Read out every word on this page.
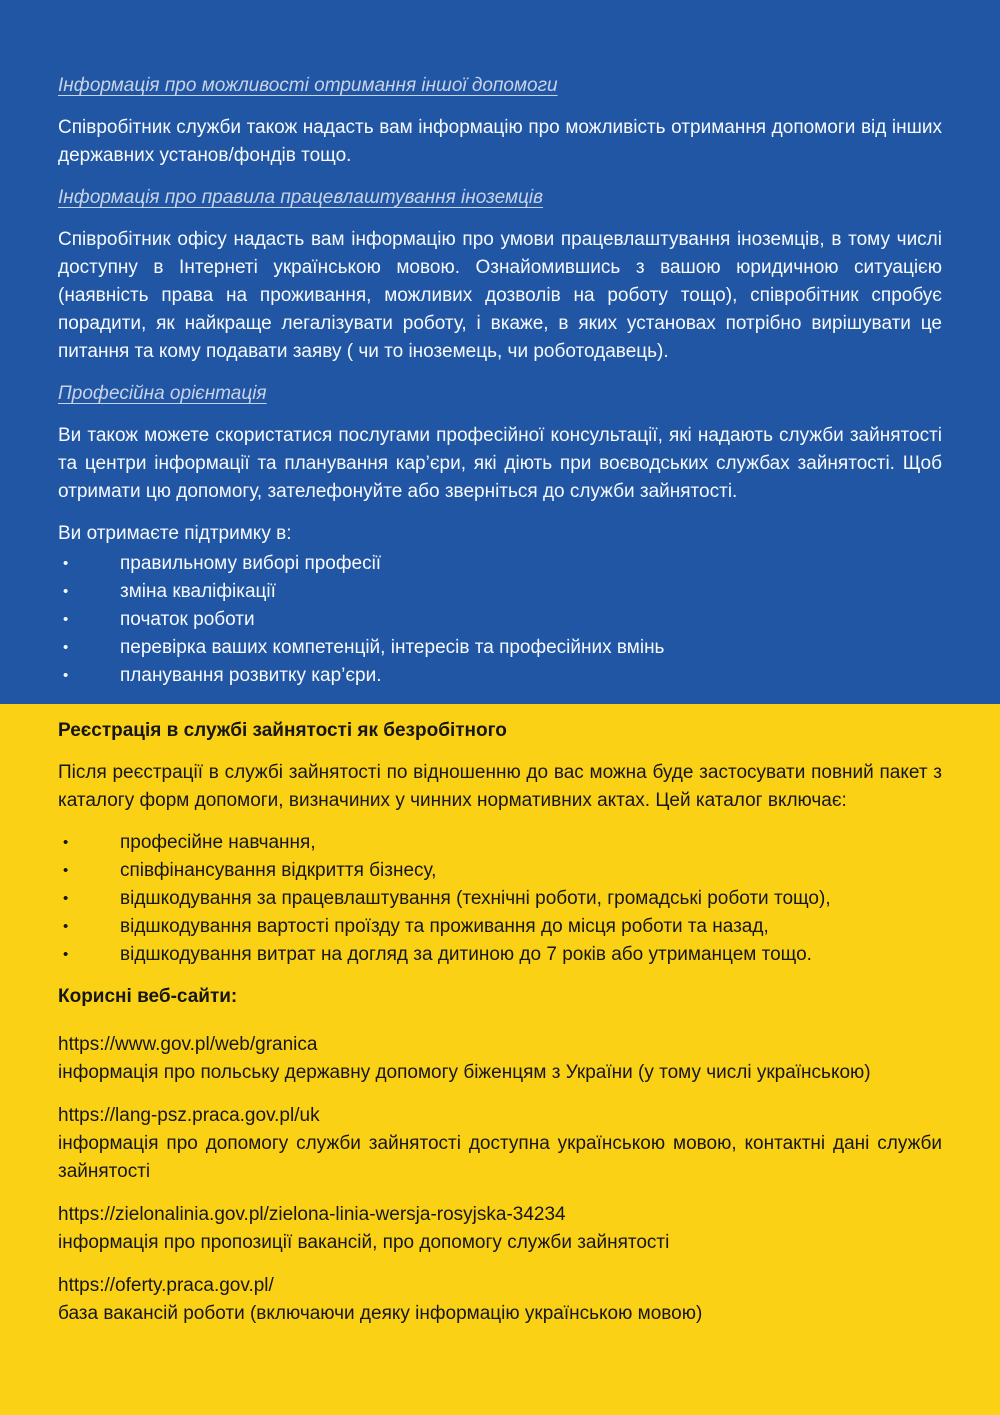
Інформація про можливості отримання іншої допомоги

Співробітник служби також надасть вам інформацію про можливість отримання допомоги від інших державних установ/фондів тощо.

Інформація про правила працевлаштування іноземців

Співробітник офісу надасть вам інформацію про умови працевлаштування іноземців, в тому числі доступну в Інтернеті українською мовою. Ознайомившись з вашою юридичною ситуацією (наявність права на проживання, можливих дозволів на роботу тощо), співробітник спробує порадити, як найкраще легалізувати роботу, і вкаже, в яких установах потрібно вирішувати це питання та кому подавати заяву ( чи то іноземець, чи роботодавець).

Професійна орієнтація

Ви також можете скористатися послугами професійної консультації, які надають служби зайнятості та центри інформації та планування кар’єри, які діють при воєводських службах зайнятості. Щоб отримати цю допомогу, зателефонуйте або зверніться до служби зайнятості.

Ви отримаєте підтримку в:

• правильному виборі професії
• зміна кваліфікації
• початок роботи
• перевірка ваших компетенцій, інтересів та професійних вмінь
• планування розвитку кар’єри.
Реєстрація в службі зайнятості як безробітного

Після реєстрації в службі зайнятості по відношенню до вас можна буде застосувати повний пакет з каталогу форм допомоги, визначиних у чинних нормативних актах. Цей каталог включає:

• професійне навчання,
• співфінансування відкриття бізнесу,
• відшкодування за працевлаштування (технічні роботи, громадські роботи тощо),
• відшкодування вартості проїзду та проживання до місця роботи та назад,
• відшкодування витрат на догляд за дитиною до 7 років або утриманцем тощо.
Корисні веб-сайти:
https://www.gov.pl/web/granica
інформація про польську державну допомогу біженцям з України (у тому числі українською)
https://lang-psz.praca.gov.pl/uk
інформація про допомогу служби зайнятості доступна українською мовою, контактні дані служби зайнятості
https://zielonalinia.gov.pl/zielona-linia-wersja-rosyjska-34234
інформація про пропозиції вакансій, про допомогу служби зайнятості
https://oferty.praca.gov.pl/
база вакансій роботи (включаючи деяку інформацію українською мовою)
